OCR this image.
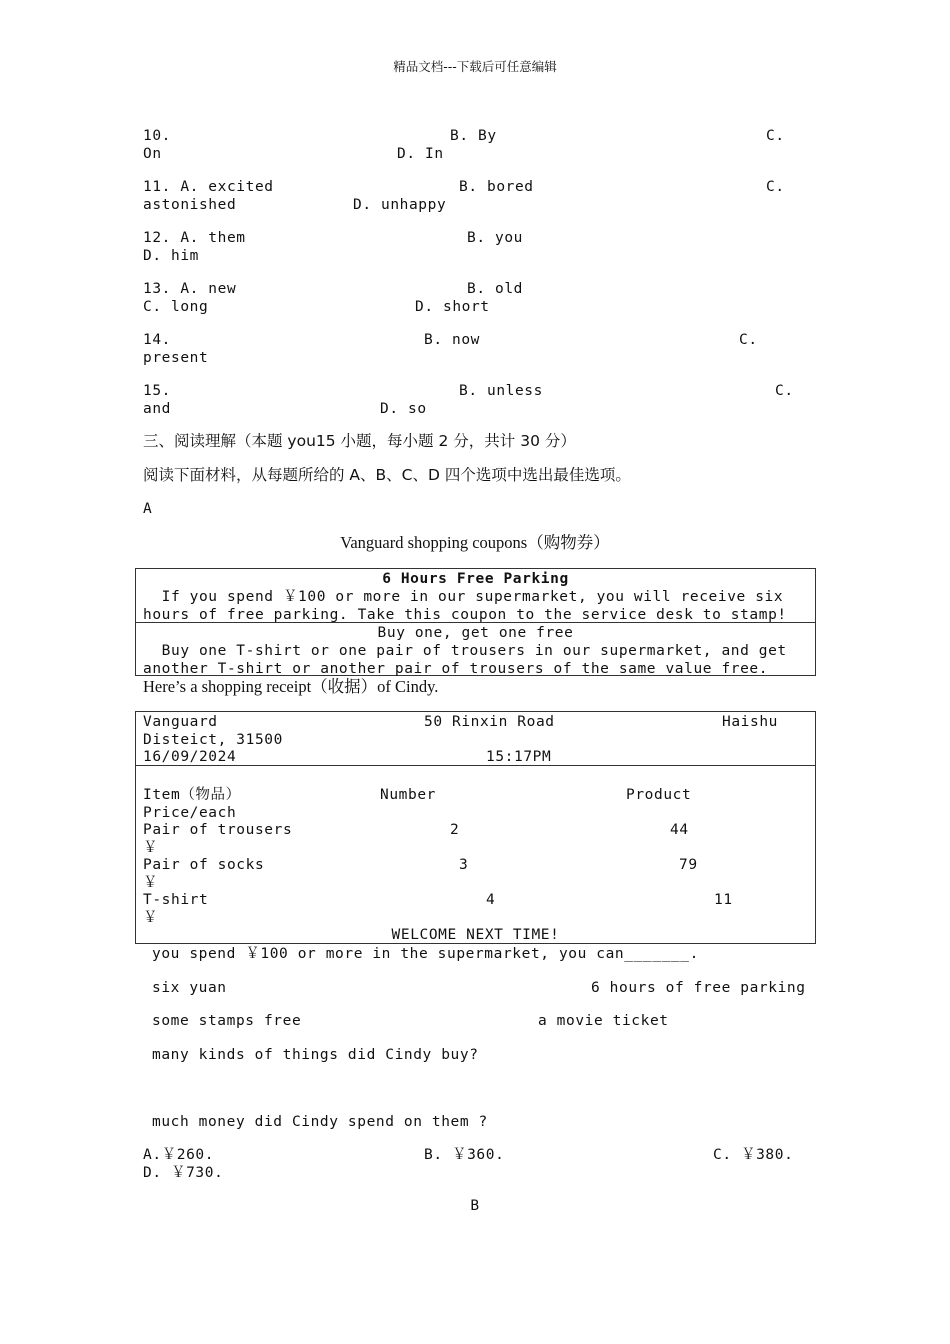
精品文档---下载后可任意编辑
10.	B. By	C.
On	D. In
11. A. excited	B. bored	C.
astonished	D. unhappy
12. A. them	B. you
D. him
13. A. new	B. old
C. long	D. short
14.	B. now	C.
present
15.	B. unless	C.
and	D. so
三、阅读理解（本题 you15 小题，每小题 2 分，共计 30 分）
阅读下面材料，从每题所给的 A、B、C、D 四个选项中选出最佳选项。
A
Vanguard shopping coupons（购物券）
6 Hours Free Parking
If you spend ￥100 or more in our supermarket, you will receive six
hours of free parking. Take this coupon to the service desk to stamp!
Buy one, get one free
Buy one T-shirt or one pair of trousers in our supermarket, and get
another T-shirt or another pair of trousers of the same value free.
Here’s a shopping receipt（收据）of Cindy.
Vanguard	50 Rinxin Road	Haishu
Disteict, 31500
16/09/2024	15:17PM
Item（物品）	Number	Product
Price/each
Pair of trousers	2	44
￥
Pair of socks	3	79
￥
T-shirt	4	11
￥
WELCOME NEXT TIME!
you spend ￥100 or more in the supermarket, you can_______.
six yuan	6 hours of free parking
some stamps free	a movie ticket
many kinds of things did Cindy buy?
much money did Cindy spend on them ?
A.￥260.	B. ￥360.	C. ￥380.
D. ￥730.
B
